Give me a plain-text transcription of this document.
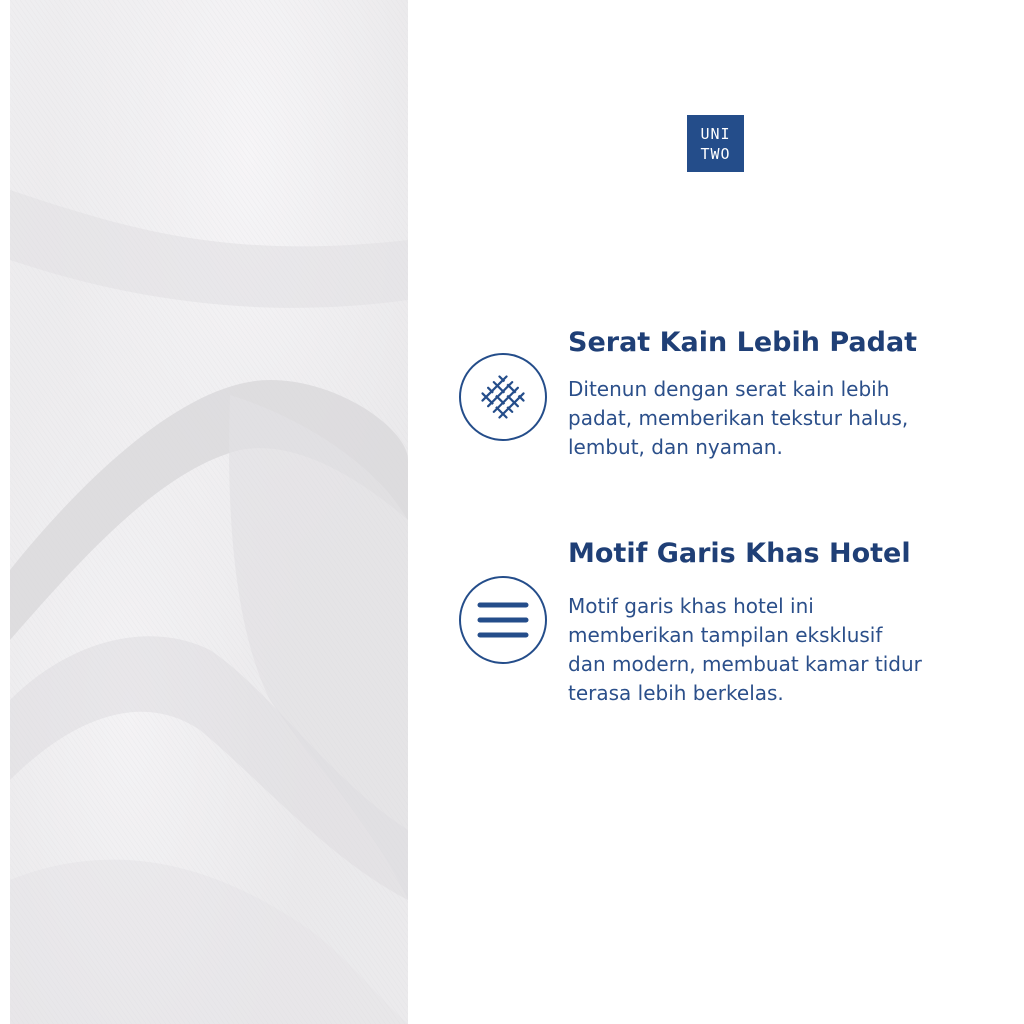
UNI
TWO
Serat Kain Lebih Padat

Ditenun dengan serat kain lebih
padat, memberikan tekstur halus,
lembut, dan nyaman.

Motif Garis Khas Hotel

Motif garis khas hotel ini
memberikan tampilan eksklusif
dan modern, membuat kamar tidur
terasa lebih berkelas.
